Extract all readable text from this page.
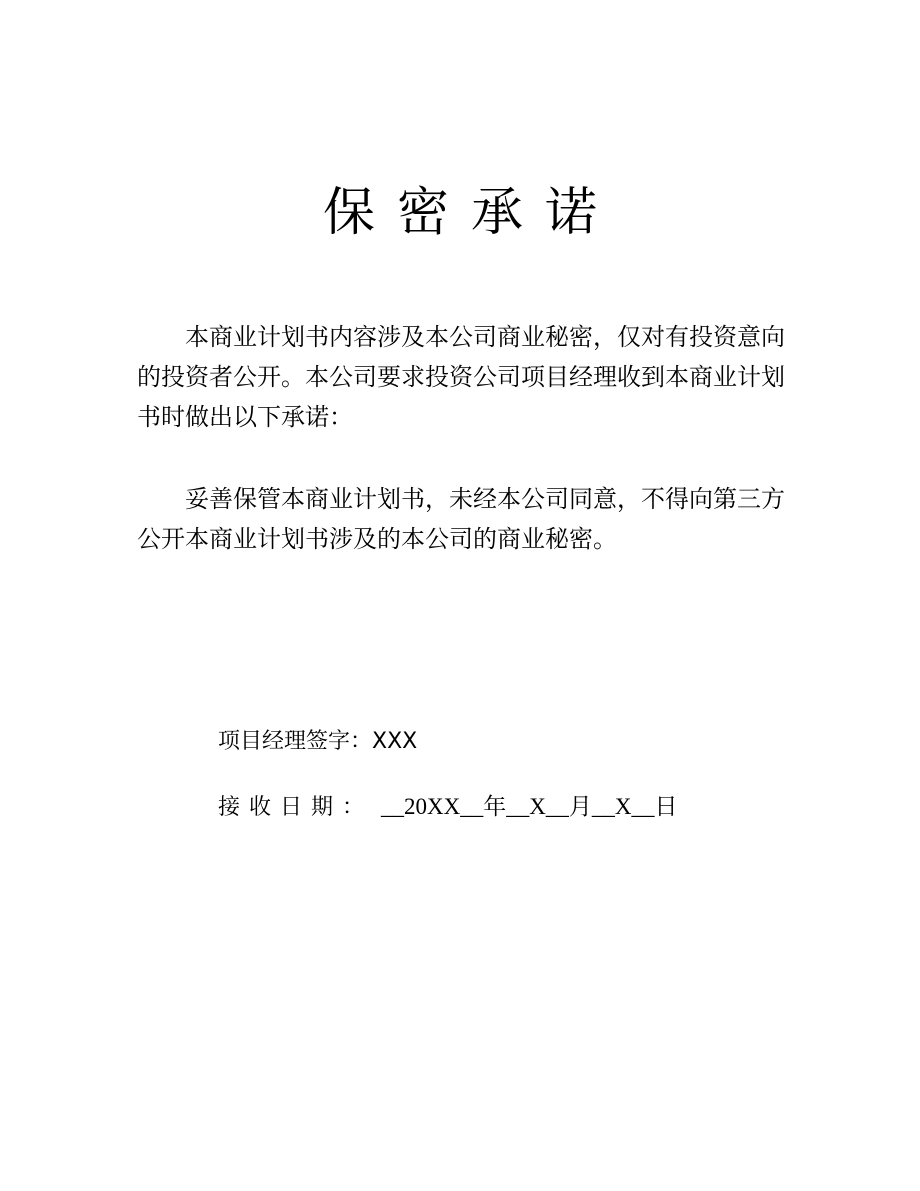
保密承诺

本商业计划书内容涉及本公司商业秘密，仅对有投资意向的投资者公开。本公司要求投资公司项目经理收到本商业计划书时做出以下承诺：

妥善保管本商业计划书，未经本公司同意，不得向第三方公开本商业计划书涉及的本公司的商业秘密。

项目经理签字：XXX
接收日期： __20XX__年__X__月__X__日
